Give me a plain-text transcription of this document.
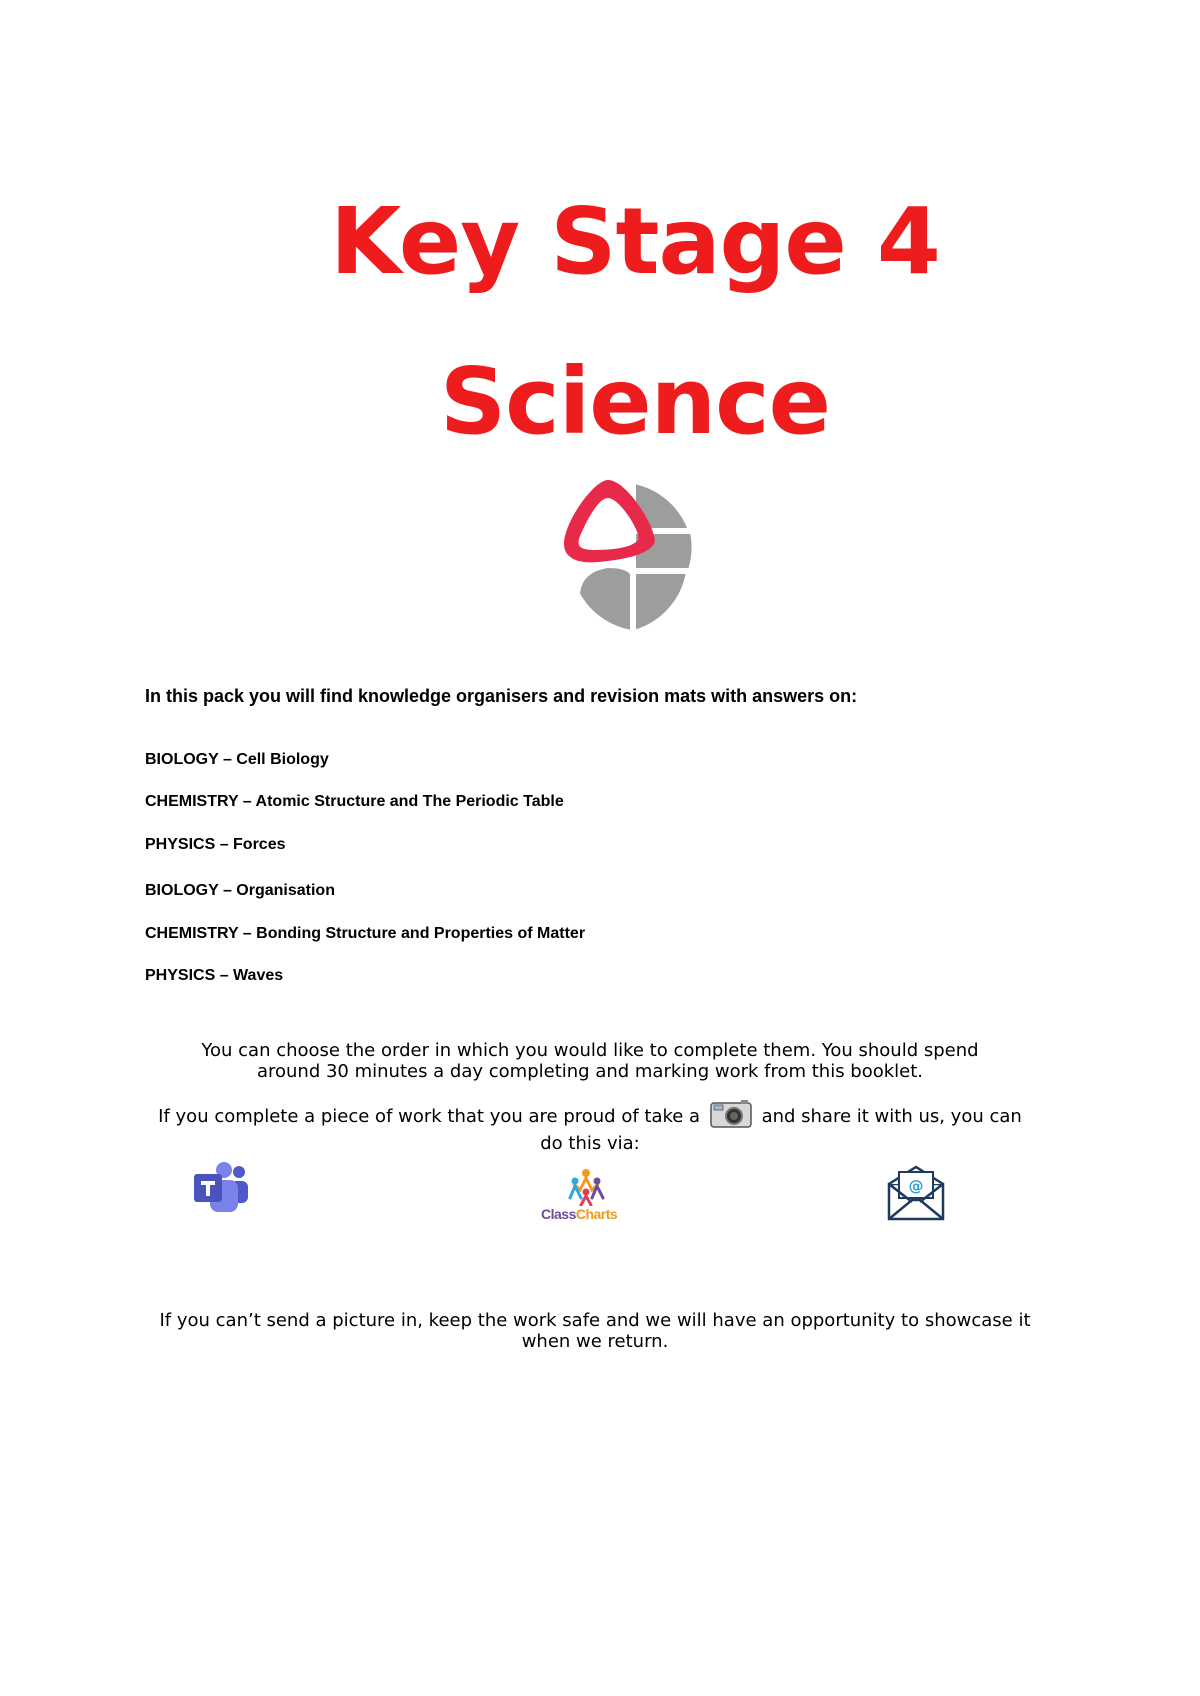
Key Stage 4
Science
In this pack you will find knowledge organisers and revision mats with answers on:
BIOLOGY – Cell Biology
CHEMISTRY – Atomic Structure and The Periodic Table
PHYSICS – Forces
BIOLOGY – Organisation
CHEMISTRY – Bonding Structure and Properties of Matter
PHYSICS – Waves
You can choose the order in which you would like to complete them. You should spend
around 30 minutes a day completing and marking work from this booklet.
If you complete a piece of work that you are proud of take a	and share it with us, you can
do this via:
ClassCharts
@
If you can’t send a picture in, keep the work safe and we will have an opportunity to showcase it
when we return.
